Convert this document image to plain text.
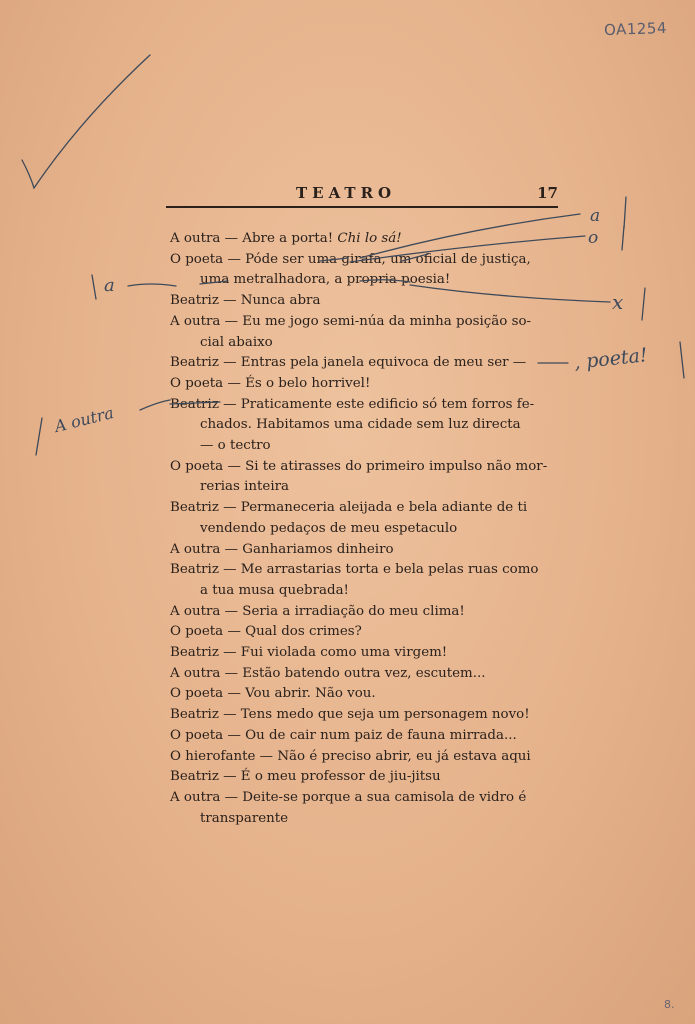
OA1254
TEATRO	17
A outra — Abre a porta! Chi lo sá!
O poeta — Póde ser uma girafa, um oficial de justiça,
uma metralhadora, a propria poesia!
Beatriz — Nunca abra
A outra — Eu me jogo semi-núa da minha posição so-
cial abaixo
Beatriz — Entras pela janela equivoca de meu ser —
O poeta — És o belo horrivel!
Beatriz — Praticamente este edificio só tem forros fe-
chados. Habitamos uma cidade sem luz directa
— o tectro
O poeta — Si te atirasses do primeiro impulso não mor-
rerias inteira
Beatriz — Permaneceria aleijada e bela adiante de ti
vendendo pedaços de meu espetaculo
A outra — Ganhariamos dinheiro
Beatriz — Me arrastarias torta e bela pelas ruas como
a tua musa quebrada!
A outra — Seria a irradiação do meu clima!
O poeta — Qual dos crimes?
Beatriz — Fui violada como uma virgem!
A outra — Estão batendo outra vez, escutem...
O poeta — Vou abrir. Não vou.
Beatriz — Tens medo que seja um personagem novo!
O poeta — Ou de cair num paiz de fauna mirrada...
O hierofante — Não é preciso abrir, eu já estava aqui
Beatriz — É o meu professor de jiu-jitsu
A outra — Deite-se porque a sua camisola de vidro é
transparente
a
o
x
a
, poeta!
A outra
8.
